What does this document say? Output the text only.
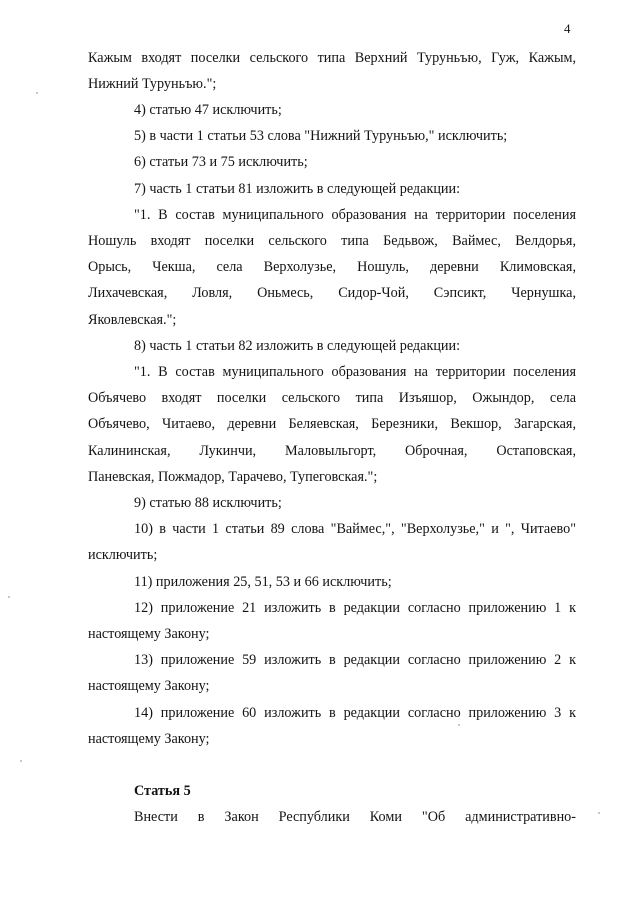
4
Кажым входят поселки сельского типа Верхний Туруньъю, Гуж, Кажым,
Нижний Туруньъю.";
4) статью 47 исключить;
5) в части 1 статьи 53 слова "Нижний Туруньъю," исключить;
6) статьи 73 и 75 исключить;
7) часть 1 статьи 81 изложить в следующей редакции:
"1. В состав муниципального образования на территории поселения
Ношуль входят поселки сельского типа Бедьвож, Ваймес, Вeлдорья,
Орысь, Чекша, села Верхолузье, Ношуль, деревни Климовская,
Лихачевская, Ловля, Оньмесь, Сидор-Чой, Сэпсикт, Чернушка,
Яковлевская.";
8) часть 1 статьи 82 изложить в следующей редакции:
"1. В состав муниципального образования на территории поселения
Объячево входят поселки сельского типа Изъяшор, Ожындор, села
Объячево, Читаево, деревни Беляевская, Березники, Векшор, Загарская,
Калининская, Лукинчи, Маловыльгорт, Оброчная, Остаповская,
Паневская, Пожмадор, Тарачево, Тупеговская.";
9) статью 88 исключить;
10) в части 1 статьи 89 слова "Ваймес,", "Верхолузье," и ", Читаево"
исключить;
11) приложения 25, 51, 53 и 66 исключить;
12) приложение 21 изложить в редакции согласно приложению 1 к
настоящему Закону;
13) приложение 59 изложить в редакции согласно приложению 2 к
настоящему Закону;
14) приложение 60 изложить в редакции согласно приложению 3 к
настоящему Закону;
Статья 5
Внести в Закон Республики Коми "Об административно-
